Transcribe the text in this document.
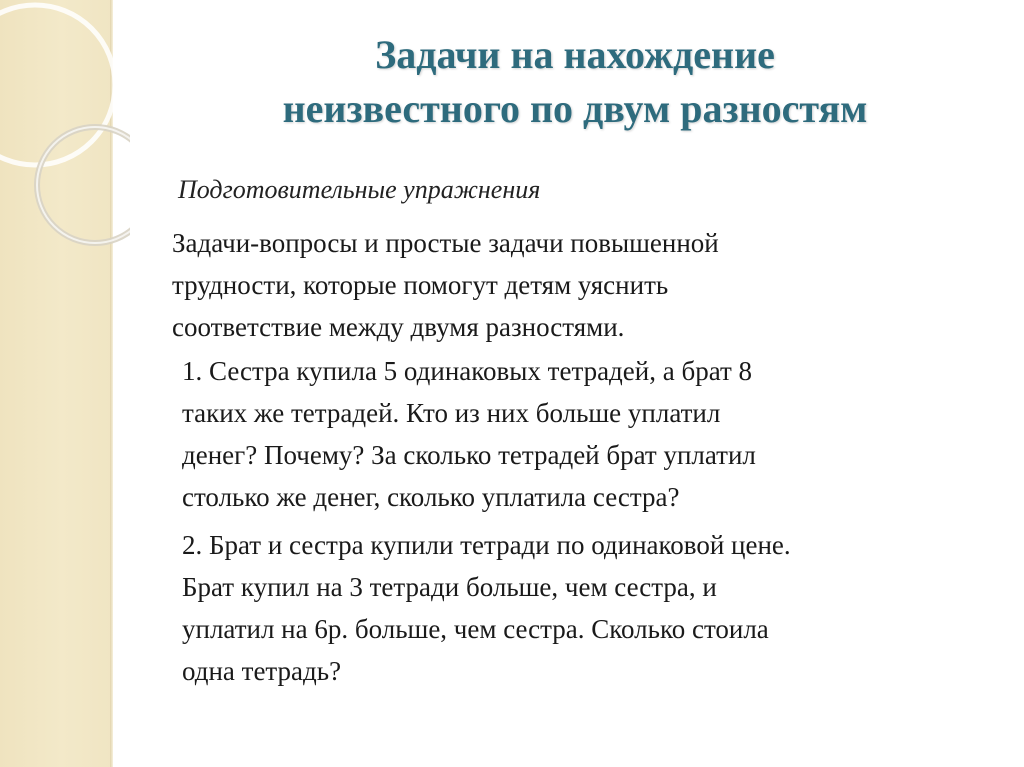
Задачи на нахождение
неизвестного по двум разностям
Подготовительные упражнения
Задачи-вопросы и простые задачи повышенной
трудности, которые помогут детям уяснить
соответствие между двумя разностями.
1. Сестра купила 5 одинаковых тетрадей, а брат 8
таких же тетрадей. Кто из них больше уплатил
денег? Почему? За сколько тетрадей брат уплатил
столько же денег, сколько уплатила сестра?
2. Брат и сестра купили тетради по одинаковой цене.
Брат купил на 3 тетради больше, чем сестра, и
уплатил на 6р. больше, чем сестра. Сколько стоила
одна тетрадь?
